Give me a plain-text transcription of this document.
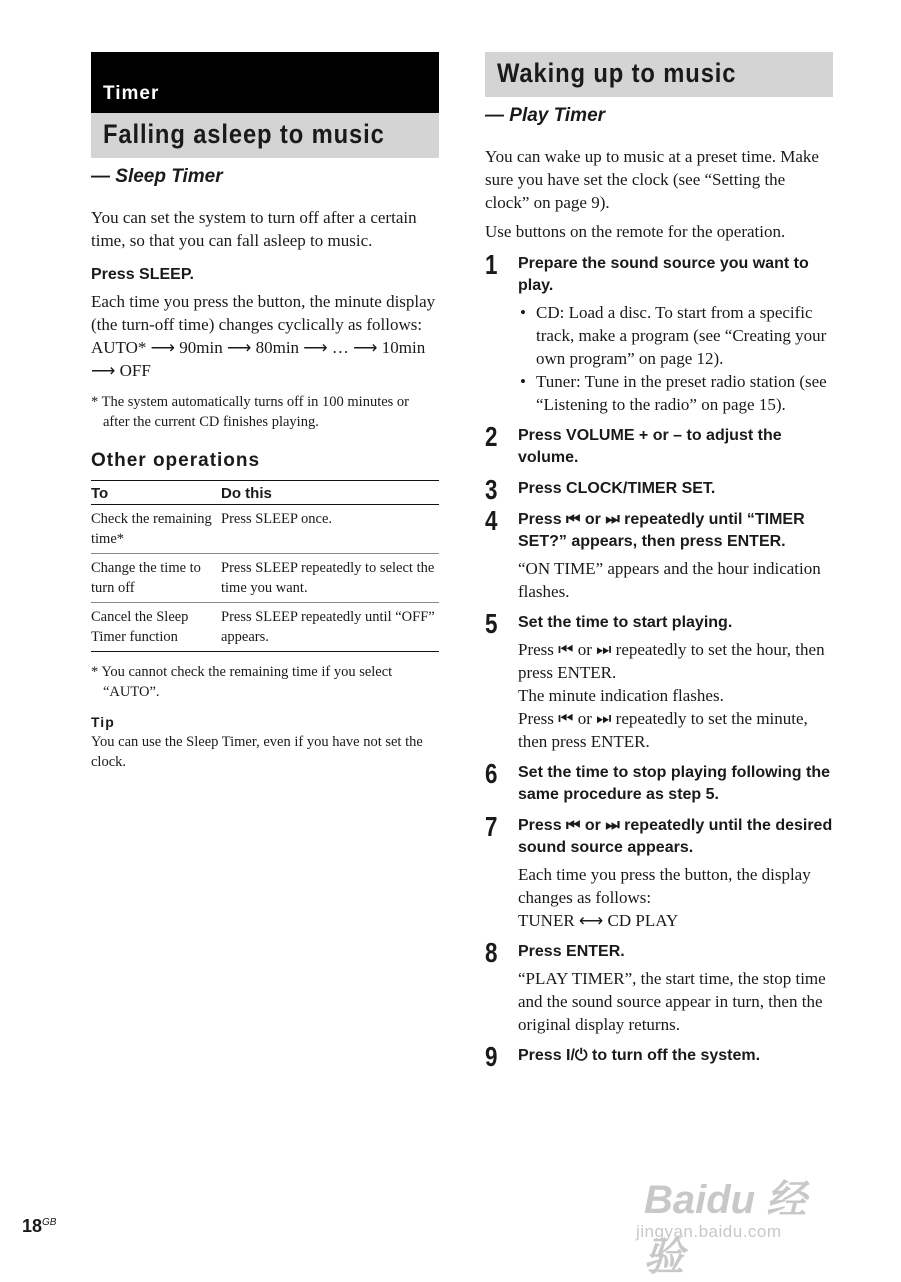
Timer
Falling asleep to music

— Sleep Timer

You can set the system to turn off after a certain time, so that you can fall asleep to music.

Press SLEEP.

Each time you press the button, the minute display (the turn-off time) changes cyclically as follows:

AUTO* ⟶ 90min ⟶ 80min ⟶ … ⟶ 10min ⟶ OFF

* The system automatically turns off in 100 minutes or after the current CD finishes playing.

Other operations

To	Do this
Check the remaining time*	Press SLEEP once.
Change the time to turn off	Press SLEEP repeatedly to select the time you want.
Cancel the Sleep Timer function	Press SLEEP repeatedly until “OFF” appears.

* You cannot check the remaining time if you select “AUTO”.

Tip

You can use the Sleep Timer, even if you have not set the clock.

Waking up to music

— Play Timer

You can wake up to music at a preset time. Make sure you have set the clock (see “Setting the clock” on page 9).

Use buttons on the remote for the operation.

1 Prepare the sound source you want to play.

• CD: Load a disc. To start from a specific track, make a program (see “Creating your own program” on page 12).

• Tuner: Tune in the preset radio station (see “Listening to the radio” on page 15).

2 Press VOLUME + or – to adjust the volume.

3 Press CLOCK/TIMER SET.

4 Press ⏮ or ⏭ repeatedly until “TIMER SET?” appears, then press ENTER.

“ON TIME” appears and the hour indication flashes.

5 Set the time to start playing.

Press ⏮ or ⏭ repeatedly to set the hour, then press ENTER.

The minute indication flashes.

Press ⏮ or ⏭ repeatedly to set the minute, then press ENTER.

6 Set the time to stop playing following the same procedure as step 5.

7 Press ⏮ or ⏭ repeatedly until the desired sound source appears.

Each time you press the button, the display changes as follows:

TUNER ⟷ CD PLAY

8 Press ENTER.

“PLAY TIMER”, the start time, the stop time and the sound source appear in turn, then the original display returns.

9 Press I/⏻ to turn off the system.

$18^{GB}$
Baidu 经验
jingyan.baidu.com
